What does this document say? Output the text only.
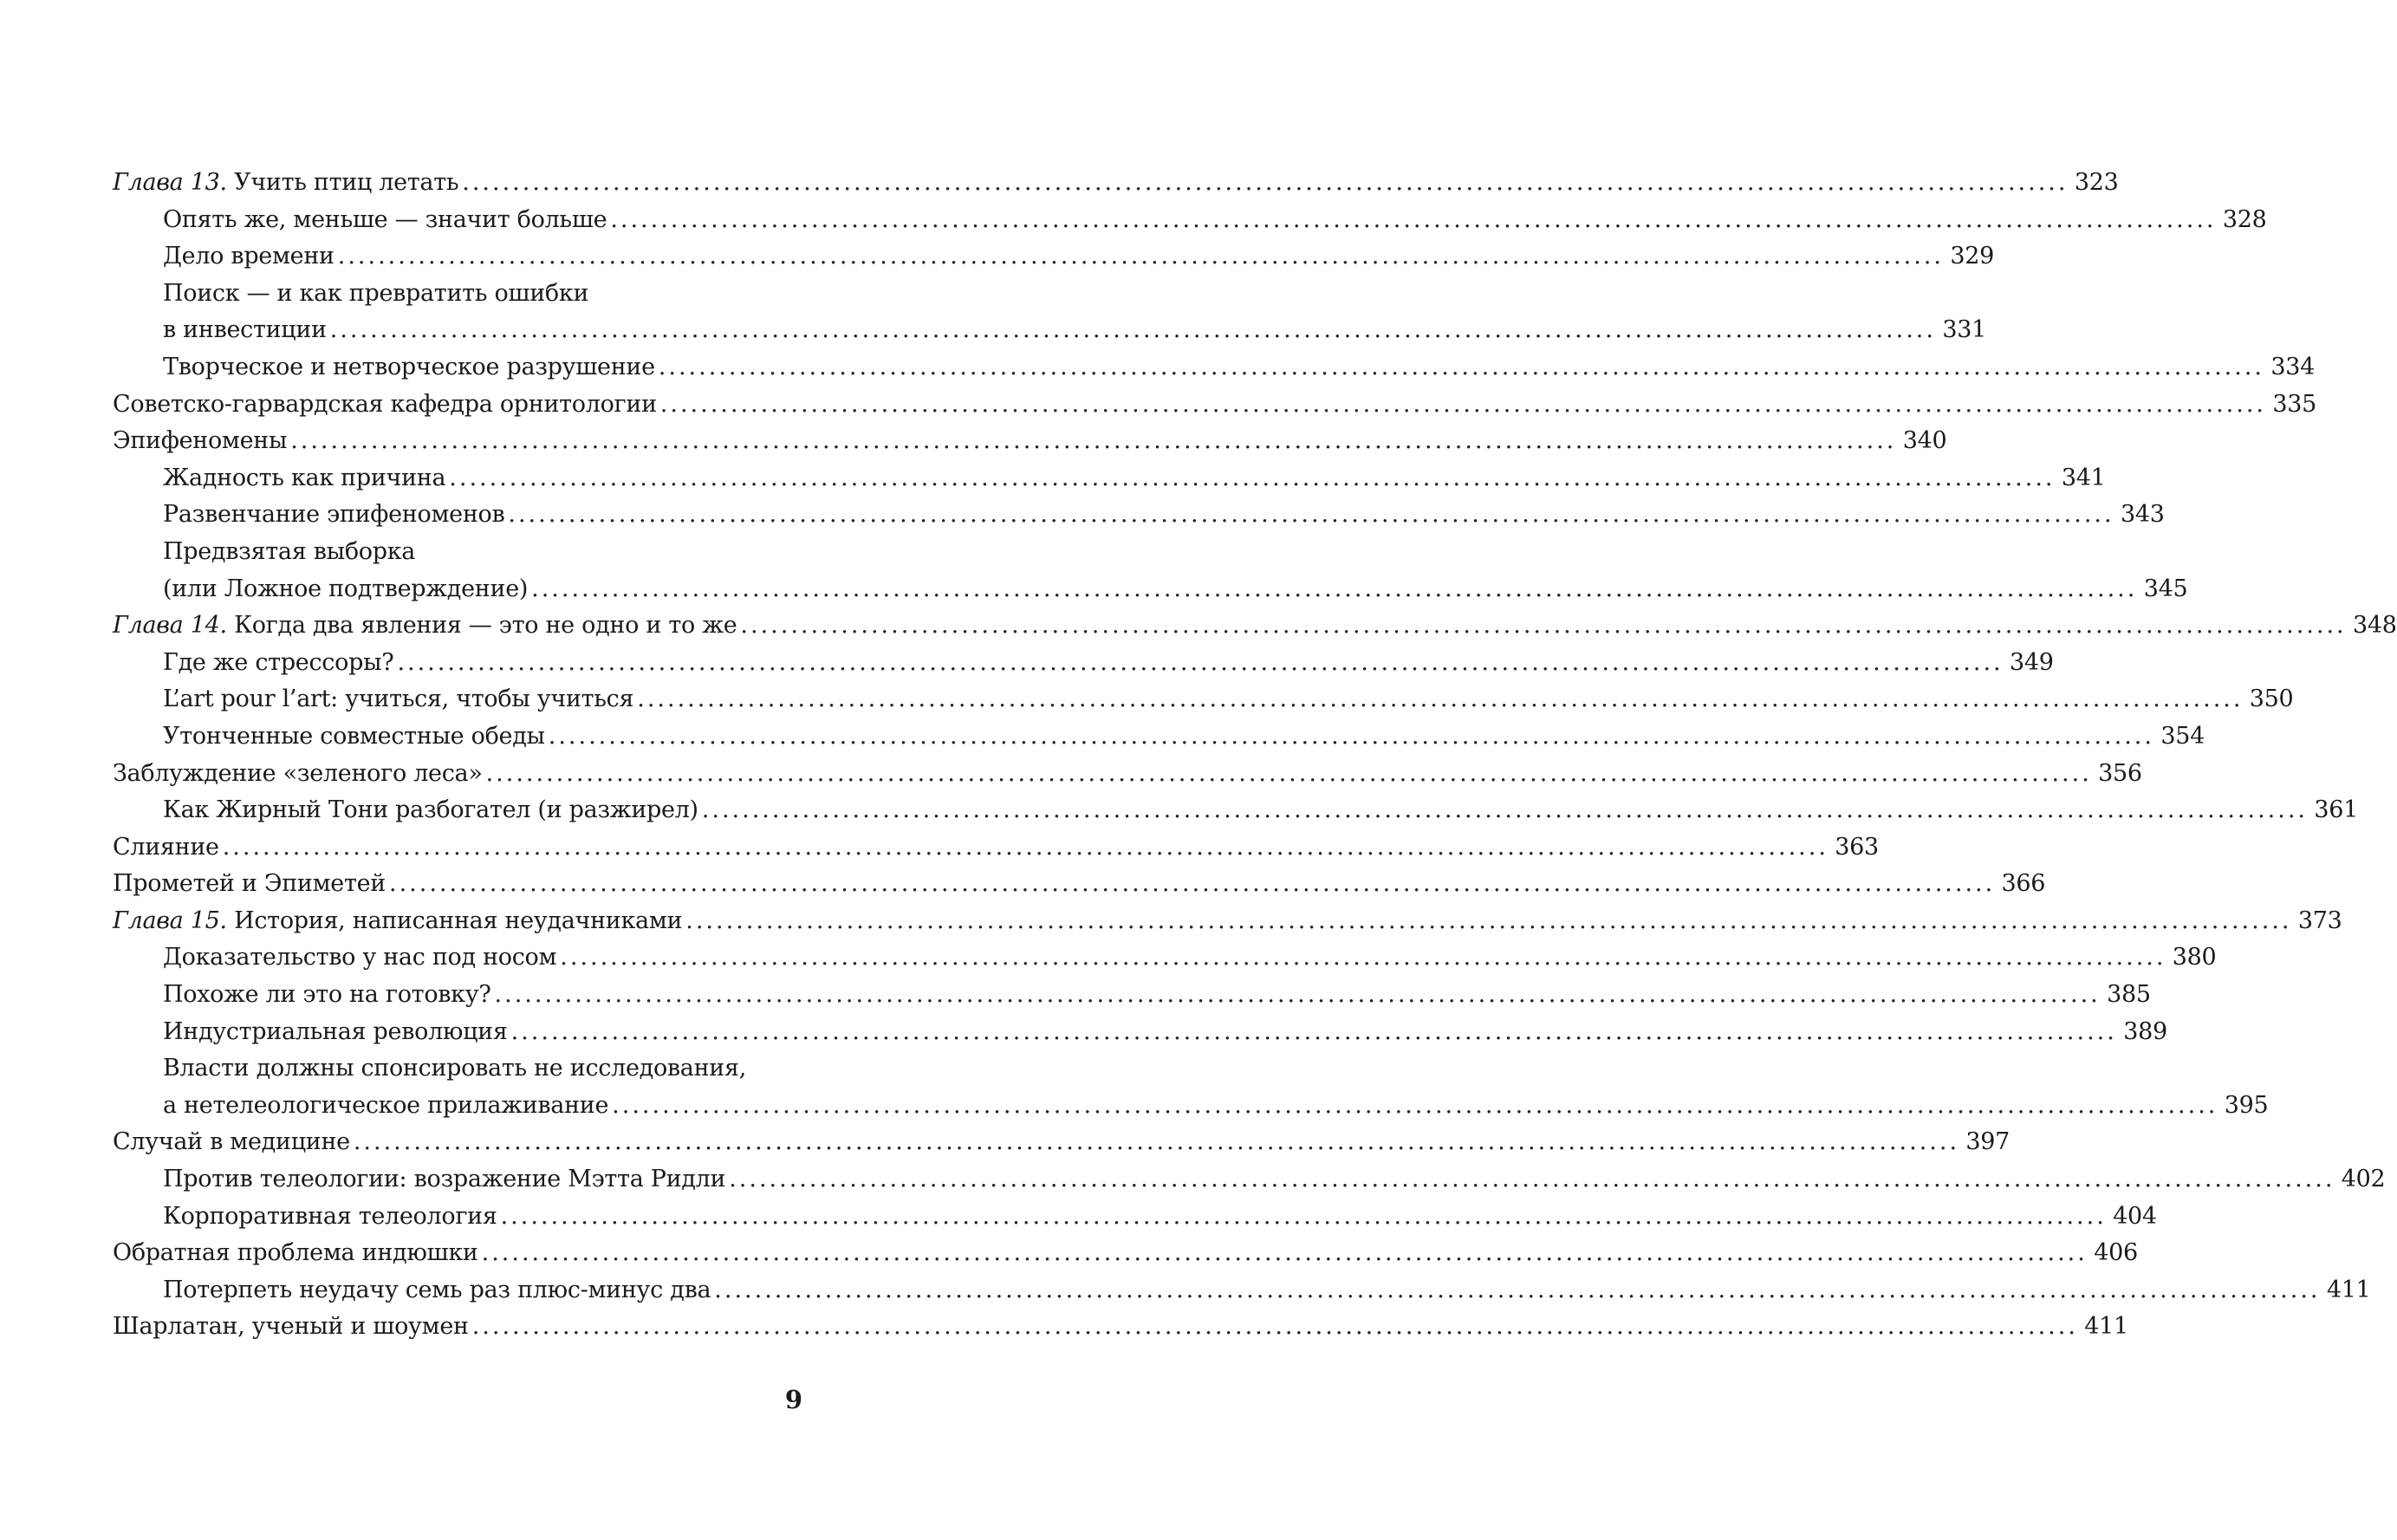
Глава 13. Учить птиц летать ................................................................................................................................................................ 323
Опять же, меньше — значит больше ................................................................................................................................................................ 328
Дело времени ................................................................................................................................................................ 329
Поиск — и как превратить ошибки
в инвестиции ................................................................................................................................................................ 331
Творческое и нетворческое разрушение ................................................................................................................................................................ 334
Советско-гарвардская кафедра орнитологии ................................................................................................................................................................ 335
Эпифеномены ................................................................................................................................................................ 340
Жадность как причина ................................................................................................................................................................ 341
Развенчание эпифеноменов ................................................................................................................................................................ 343
Предвзятая выборка
(или Ложное подтверждение) ................................................................................................................................................................ 345
Глава 14. Когда два явления — это не одно и то же ................................................................................................................................................................ 348
Где же стрессоры? ................................................................................................................................................................ 349
L’art pour l’art: учиться, чтобы учиться ................................................................................................................................................................ 350
Утонченные совместные обеды ................................................................................................................................................................ 354
Заблуждение «зеленого леса» ................................................................................................................................................................ 356
Как Жирный Тони разбогател (и разжирел) ................................................................................................................................................................ 361
Слияние ................................................................................................................................................................ 363
Прометей и Эпиметей ................................................................................................................................................................ 366
Глава 15. История, написанная неудачниками ................................................................................................................................................................ 373
Доказательство у нас под носом ................................................................................................................................................................ 380
Похоже ли это на готовку? ................................................................................................................................................................ 385
Индустриальная революция ................................................................................................................................................................ 389
Власти должны спонсировать не исследования,
а нетелеологическое прилаживание ................................................................................................................................................................ 395
Случай в медицине ................................................................................................................................................................ 397
Против телеологии: возражение Мэтта Ридли ................................................................................................................................................................ 402
Корпоративная телеология ................................................................................................................................................................ 404
Обратная проблема индюшки ................................................................................................................................................................ 406
Потерпеть неудачу семь раз плюс-минус два ................................................................................................................................................................ 411
Шарлатан, ученый и шоумен ................................................................................................................................................................ 411
9
